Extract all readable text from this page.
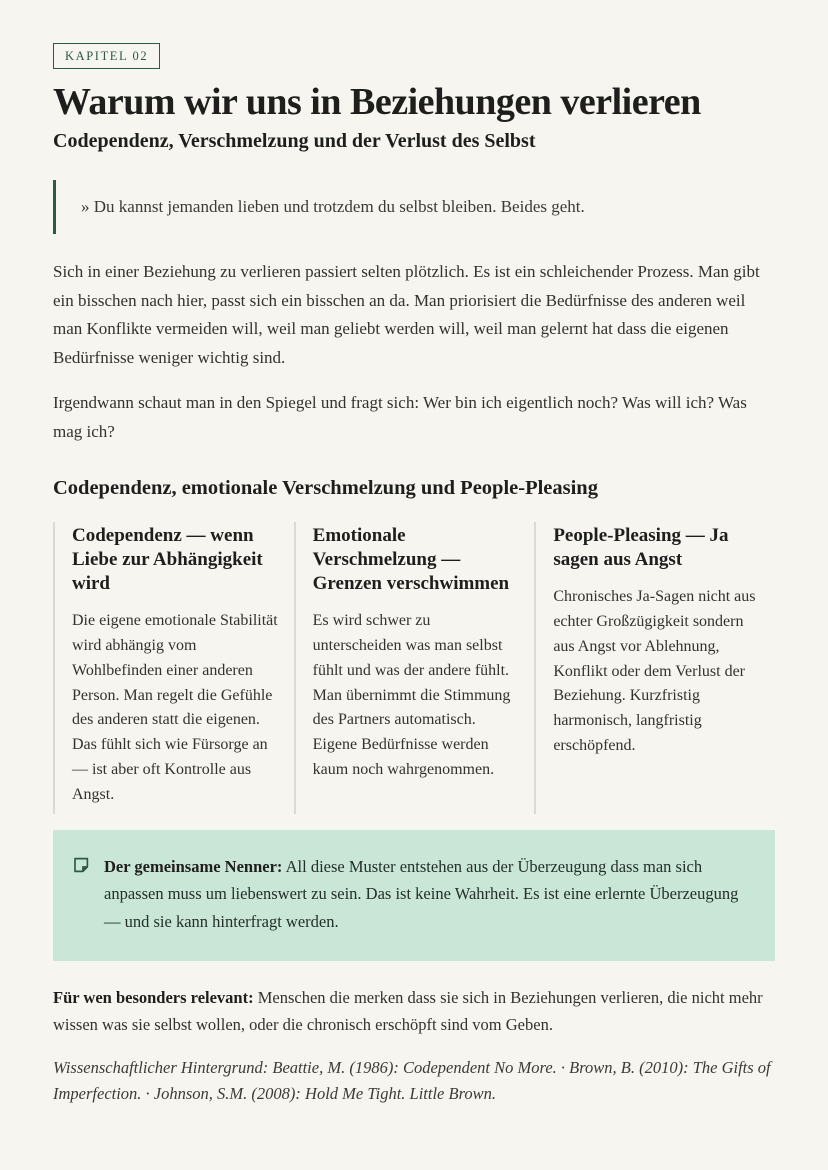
KAPITEL 02
Warum wir uns in Beziehungen verlieren
Codependenz, Verschmelzung und der Verlust des Selbst
» Du kannst jemanden lieben und trotzdem du selbst bleiben. Beides geht.

Sich in einer Beziehung zu verlieren passiert selten plötzlich. Es ist ein schleichender Prozess. Man gibt ein bisschen nach hier, passt sich ein bisschen an da. Man priorisiert die Bedürfnisse des anderen weil man Konflikte vermeiden will, weil man geliebt werden will, weil man gelernt hat dass die eigenen Bedürfnisse weniger wichtig sind.

Irgendwann schaut man in den Spiegel und fragt sich: Wer bin ich eigentlich noch? Was will ich? Was mag ich?

Codependenz, emotionale Verschmelzung und People-Pleasing
Codependenz — wenn Liebe zur Abhängigkeit wird

Die eigene emotionale Stabilität wird abhängig vom Wohlbefinden einer anderen Person. Man regelt die Gefühle des anderen statt die eigenen. Das fühlt sich wie Fürsorge an — ist aber oft Kontrolle aus Angst.

Emotionale Verschmelzung — Grenzen verschwimmen

Es wird schwer zu unterscheiden was man selbst fühlt und was der andere fühlt. Man übernimmt die Stimmung des Partners automatisch. Eigene Bedürfnisse werden kaum noch wahrgenommen.

People-Pleasing — Ja sagen aus Angst

Chronisches Ja-Sagen nicht aus echter Großzügigkeit sondern aus Angst vor Ablehnung, Konflikt oder dem Verlust der Beziehung. Kurzfristig harmonisch, langfristig erschöpfend.

Der gemeinsame Nenner: All diese Muster entstehen aus der Überzeugung dass man sich anpassen muss um liebenswert zu sein. Das ist keine Wahrheit. Es ist eine erlernte Überzeugung — und sie kann hinterfragt werden.

Für wen besonders relevant: Menschen die merken dass sie sich in Beziehungen verlieren, die nicht mehr wissen was sie selbst wollen, oder die chronisch erschöpft sind vom Geben.

Wissenschaftlicher Hintergrund: Beattie, M. (1986): Codependent No More. · Brown, B. (2010): The Gifts of Imperfection. · Johnson, S.M. (2008): Hold Me Tight. Little Brown.
